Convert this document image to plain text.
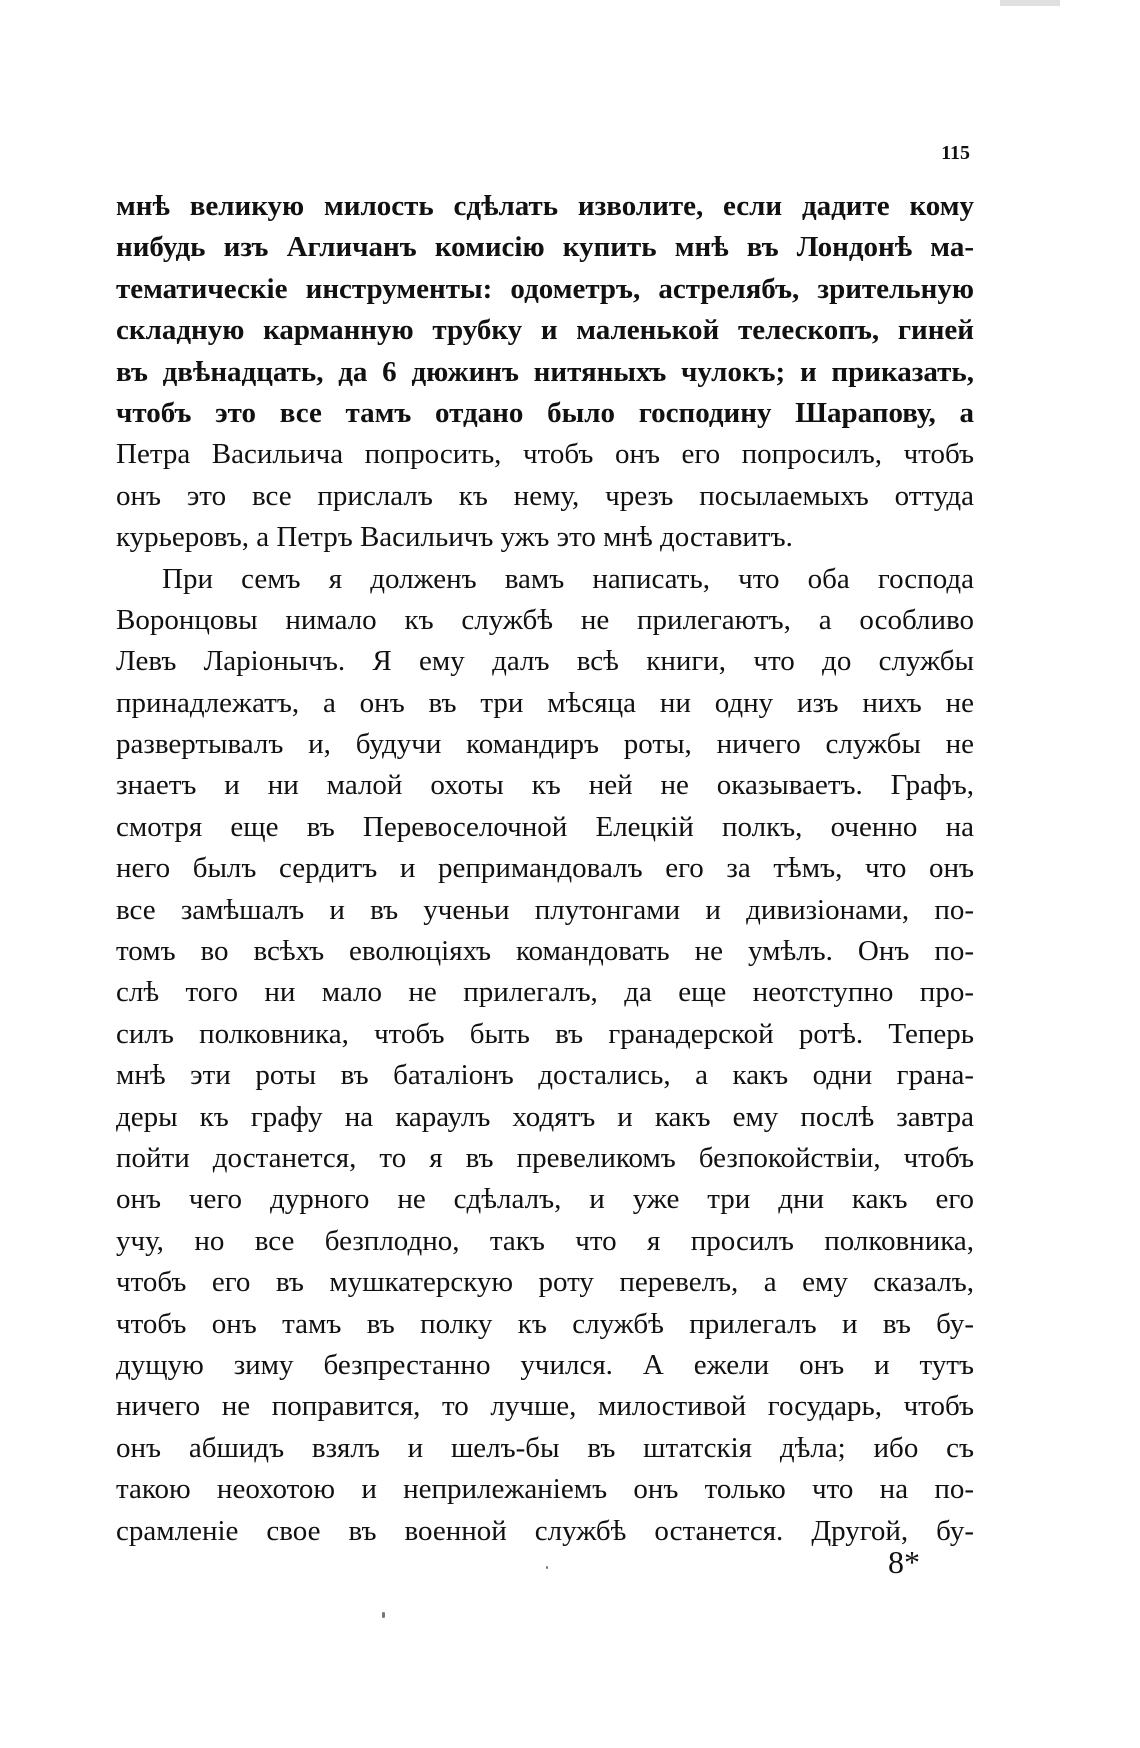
115
мнѣ великую милость сдѣлать изволите, если дадите кому
нибудь изъ Агличанъ комисію купить мнѣ въ Лондонѣ ма-
тематическіе инструменты: одометръ, астрелябъ, зрительную
складную карманную трубку и маленькой телескопъ, гиней
въ двѣнадцать, да 6 дюжинъ нитяныхъ чулокъ; и приказать,
чтобъ это все тамъ отдано было господину Шарапову, а
Петра Васильича попросить, чтобъ онъ его попросилъ, чтобъ
онъ это все прислалъ къ нему, чрезъ посылаемыхъ оттуда
курьеровъ, а Петръ Васильичъ ужъ это мнѣ доставитъ.
При семъ я долженъ вамъ написать, что оба господа
Воронцовы нимало къ службѣ не прилегаютъ, а особливо
Левъ Ларіонычъ. Я ему далъ всѣ книги, что до службы
принадлежатъ, а онъ въ три мѣсяца ни одну изъ нихъ не
развертывалъ и, будучи командиръ роты, ничего службы не
знаетъ и ни малой охоты къ ней не оказываетъ. Графъ,
смотря еще въ Перевоселочной Елецкій полкъ, оченно на
него былъ сердитъ и репримандовалъ его за тѣмъ, что онъ
все замѣшалъ и въ ученьи плутонгами и дивизіонами, по-
томъ во всѣхъ еволюціяхъ командовать не умѣлъ. Онъ по-
слѣ того ни мало не прилегалъ, да еще неотступно про-
силъ полковника, чтобъ быть въ гранадерской ротѣ. Теперь
мнѣ эти роты въ баталіонъ достались, а какъ одни грана-
деры къ графу на караулъ ходятъ и какъ ему послѣ завтра
пойти достанется, то я въ превеликомъ безпокойствіи, чтобъ
онъ чего дурного не сдѣлалъ, и уже три дни какъ его
учу, но все безплодно, такъ что я просилъ полковника,
чтобъ его въ мушкатерскую роту перевелъ, а ему сказалъ,
чтобъ онъ тамъ въ полку къ службѣ прилегалъ и въ бу-
дущую зиму безпрестанно учился. А ежели онъ и тутъ
ничего не поправится, то лучше, милостивой государь, чтобъ
онъ абшидъ взялъ и шелъ-бы въ штатскія дѣла; ибо съ
такою неохотою и неприлежаніемъ онъ только что на по-
срамленіе свое въ военной службѣ останется. Другой, бу-
8*
